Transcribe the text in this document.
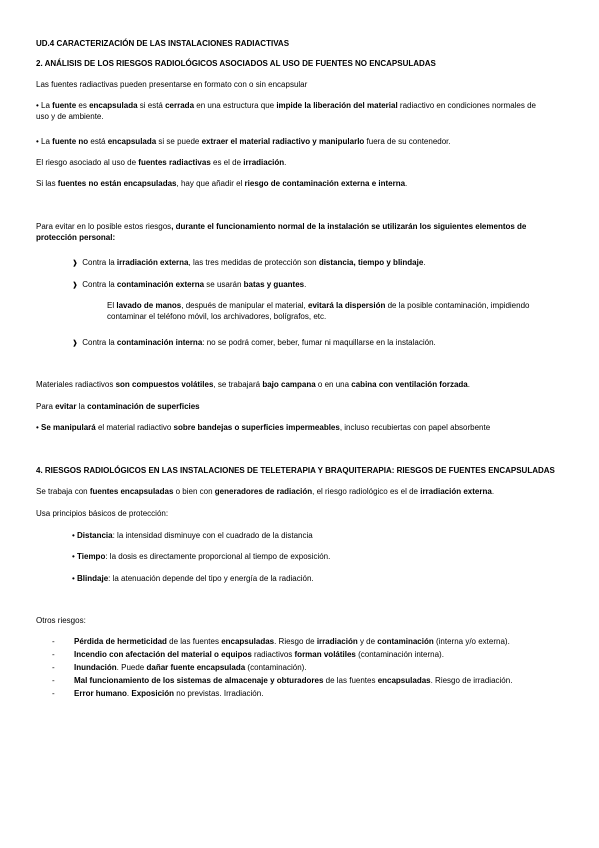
UD.4 CARACTERIZACIÓN DE LAS INSTALACIONES RADIACTIVAS

2. ANÁLISIS DE LOS RIESGOS RADIOLÓGICOS ASOCIADOS AL USO DE FUENTES NO ENCAPSULADAS

Las fuentes radiactivas pueden presentarse en formato con o sin encapsular

• La fuente es encapsulada si está cerrada en una estructura que impide la liberación del material radiactivo en condiciones normales de uso y de ambiente.

• La fuente no está encapsulada si se puede extraer el material radiactivo y manipularlo fuera de su contenedor.

El riesgo asociado al uso de fuentes radiactivas es el de irradiación.

Si las fuentes no están encapsuladas, hay que añadir el riesgo de contaminación externa e interna.

Para evitar en lo posible estos riesgos, durante el funcionamiento normal de la instalación se utilizarán los siguientes elementos de protección personal:

❱ Contra la irradiación externa, las tres medidas de protección son distancia, tiempo y blindaje.

❱ Contra la contaminación externa se usarán batas y guantes.

El lavado de manos, después de manipular el material, evitará la dispersión de la posible contaminación, impidiendo contaminar el teléfono móvil, los archivadores, bolígrafos, etc.

❱ Contra la contaminación interna: no se podrá comer, beber, fumar ni maquillarse en la instalación.

Materiales radiactivos son compuestos volátiles, se trabajará bajo campana o en una cabina con ventilación forzada.

Para evitar la contaminación de superficies

• Se manipulará el material radiactivo sobre bandejas o superficies impermeables, incluso recubiertas con papel absorbente

4. RIESGOS RADIOLÓGICOS EN LAS INSTALACIONES DE TELETERAPIA Y BRAQUITERAPIA: RIESGOS DE FUENTES ENCAPSULADAS

Se trabaja con fuentes encapsuladas o bien con generadores de radiación, el riesgo radiológico es el de irradiación externa.

Usa principios básicos de protección:

• Distancia: la intensidad disminuye con el cuadrado de la distancia

• Tiempo: la dosis es directamente proporcional al tiempo de exposición.

• Blindaje: la atenuación depende del tipo y energía de la radiación.

Otros riesgos:

- Pérdida de hermeticidad de las fuentes encapsuladas. Riesgo de irradiación y de contaminación (interna y/o externa).

- Incendio con afectación del material o equipos radiactivos forman volátiles (contaminación interna).

- Inundación. Puede dañar fuente encapsulada (contaminación).

- Mal funcionamiento de los sistemas de almacenaje y obturadores de las fuentes encapsuladas. Riesgo de irradiación.

- Error humano. Exposición no previstas. Irradiación.
